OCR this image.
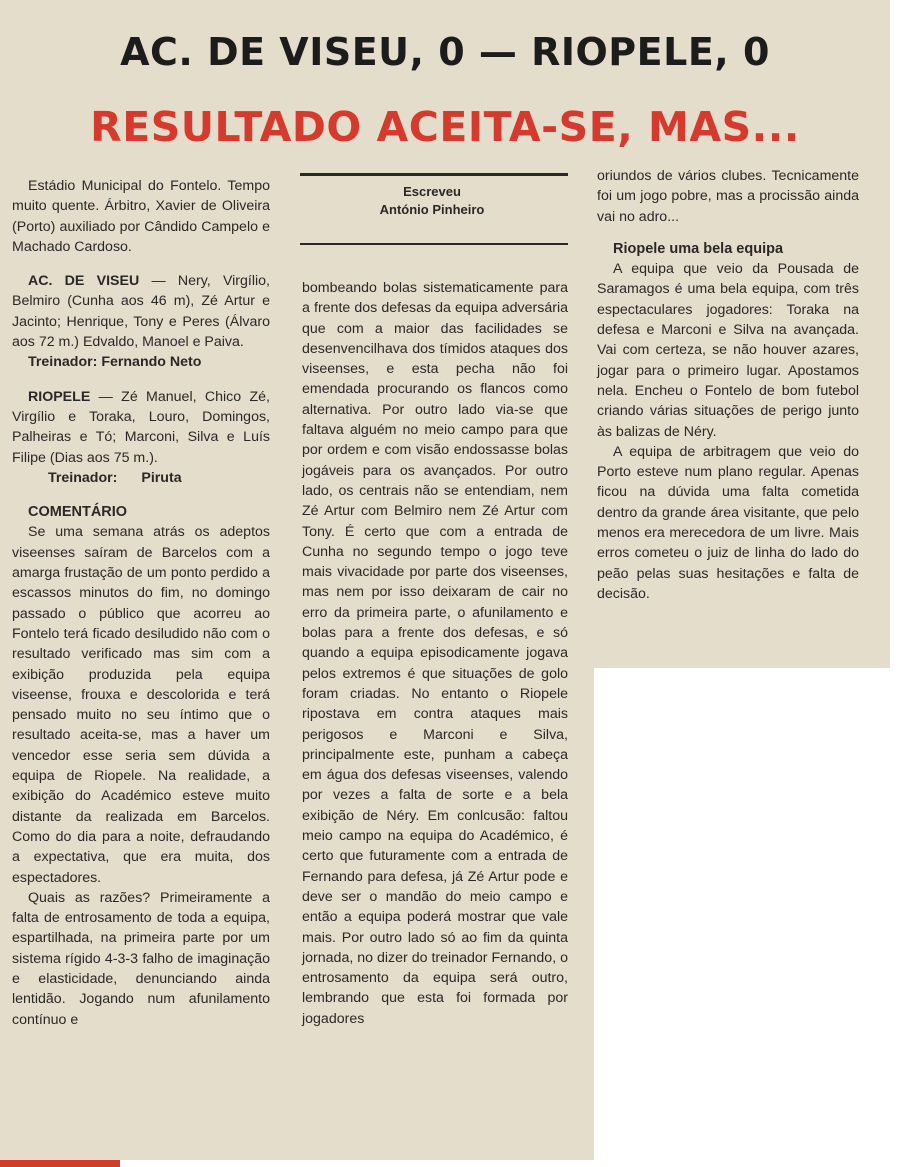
AC. DE VISEU, 0 — RIOPELE, 0
RESULTADO ACEITA-SE, MAS...

Estádio Municipal do Fontelo. Tempo muito quente. Árbitro, Xavier de Oliveira (Porto) auxiliado por Cândido Campelo e Machado Cardoso.

AC. DE VISEU — Nery, Virgílio, Belmiro (Cunha aos 46 m), Zé Artur e Jacinto; Henrique, Tony e Peres (Álvaro aos 72 m.) Edvaldo, Manoel e Paiva.

Treinador: Fernando Neto

RIOPELE — Zé Manuel, Chico Zé, Virgílio e Toraka, Louro, Domingos, Palheiras e Tó; Marconi, Silva e Luís Filipe (Dias aos 75 m.).

Treinador: Piruta

COMENTÁRIO

Se uma semana atrás os adeptos viseenses saíram de Barcelos com a amarga frustação de um ponto perdido a escassos minutos do fim, no domingo passado o público que acorreu ao Fontelo terá ficado desiludido não com o resultado verificado mas sim com a exibição produzida pela equipa viseense, frouxa e descolorida e terá pensado muito no seu íntimo que o resultado aceita-se, mas a haver um vencedor esse seria sem dúvida a equipa de Riopele. Na realidade, a exibição do Académico esteve muito distante da realizada em Barcelos. Como do dia para a noite, defraudando a expectativa, que era muita, dos espectadores.

Quais as razões? Primeiramente a falta de entrosamento de toda a equipa, espartilhada, na primeira parte por um sistema rígido 4-3-3 falho de imaginação e elasticidade, denunciando ainda lentidão. Jogando num afunilamento contínuo e

Escreveu
António Pinheiro

bombeando bolas sistematicamente para a frente dos defesas da equipa adversária que com a maior das facilidades se desenvencilhava dos tímidos ataques dos viseenses, e esta pecha não foi emendada procurando os flancos como alternativa. Por outro lado via-se que faltava alguém no meio campo para que por ordem e com visão endossasse bolas jogáveis para os avançados. Por outro lado, os centrais não se entendiam, nem Zé Artur com Belmiro nem Zé Artur com Tony. É certo que com a entrada de Cunha no segundo tempo o jogo teve mais vivacidade por parte dos viseenses, mas nem por isso deixaram de cair no erro da primeira parte, o afunilamento e bolas para a frente dos defesas, e só quando a equipa episodicamente jogava pelos extremos é que situações de golo foram criadas. No entanto o Riopele ripostava em contra ataques mais perigosos e Marconi e Silva, principalmente este, punham a cabeça em água dos defesas viseenses, valendo por vezes a falta de sorte e a bela exibição de Néry. Em conlcusão: faltou meio campo na equipa do Académico, é certo que futuramente com a entrada de Fernando para defesa, já Zé Artur pode e deve ser o mandão do meio campo e então a equipa poderá mostrar que vale mais. Por outro lado só ao fim da quinta jornada, no dizer do treinador Fernando, o entrosamento da equipa será outro, lembrando que esta foi formada por jogadores

oriundos de vários clubes. Tecnicamente foi um jogo pobre, mas a procissão ainda vai no adro...

Riopele uma bela equipa

A equipa que veio da Pousada de Saramagos é uma bela equipa, com três espectaculares jogadores: Toraka na defesa e Marconi e Silva na avançada. Vai com certeza, se não houver azares, jogar para o primeiro lugar. Apostamos nela. Encheu o Fontelo de bom futebol criando várias situações de perigo junto às balizas de Néry.

A equipa de arbitragem que veio do Porto esteve num plano regular. Apenas ficou na dúvida uma falta cometida dentro da grande área visitante, que pelo menos era merecedora de um livre. Mais erros cometeu o juiz de linha do lado do peão pelas suas hesitações e falta de decisão.
